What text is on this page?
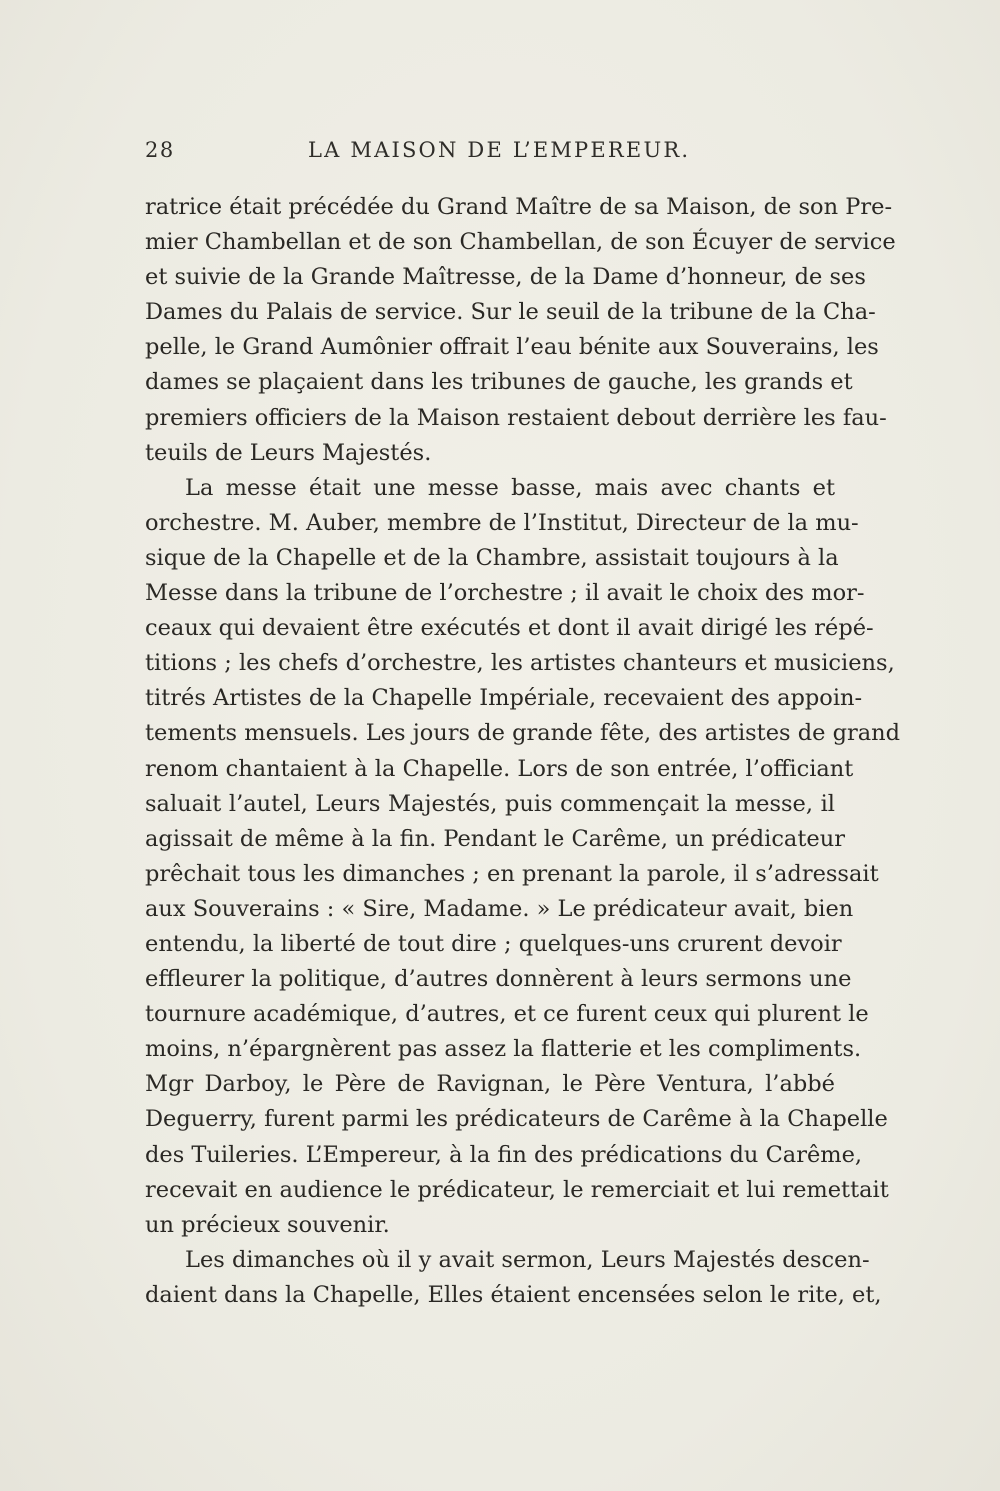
28	LA MAISON DE L’EMPEREUR.
ratrice était précédée du Grand Maître de sa Maison, de son Pre-
mier Chambellan et de son Chambellan, de son Écuyer de service
et suivie de la Grande Maîtresse, de la Dame d’honneur, de ses
Dames du Palais de service. Sur le seuil de la tribune de la Cha-
pelle, le Grand Aumônier offrait l’eau bénite aux Souverains, les
dames se plaçaient dans les tribunes de gauche, les grands et
premiers officiers de la Maison restaient debout derrière les fau-
teuils de Leurs Majestés.
La messe était une messe basse, mais avec chants et
orchestre. M. Auber, membre de l’Institut, Directeur de la mu-
sique de la Chapelle et de la Chambre, assistait toujours à la
Messe dans la tribune de l’orchestre ; il avait le choix des mor-
ceaux qui devaient être exécutés et dont il avait dirigé les répé-
titions ; les chefs d’orchestre, les artistes chanteurs et musiciens,
titrés Artistes de la Chapelle Impériale, recevaient des appoin-
tements mensuels. Les jours de grande fête, des artistes de grand
renom chantaient à la Chapelle. Lors de son entrée, l’officiant
saluait l’autel, Leurs Majestés, puis commençait la messe, il
agissait de même à la fin. Pendant le Carême, un prédicateur
prêchait tous les dimanches ; en prenant la parole, il s’adressait
aux Souverains : « Sire, Madame. » Le prédicateur avait, bien
entendu, la liberté de tout dire ; quelques-uns crurent devoir
effleurer la politique, d’autres donnèrent à leurs sermons une
tournure académique, d’autres, et ce furent ceux qui plurent le
moins, n’épargnèrent pas assez la flatterie et les compliments.
Mgr Darboy, le Père de Ravignan, le Père Ventura, l’abbé
Deguerry, furent parmi les prédicateurs de Carême à la Chapelle
des Tuileries. L’Empereur, à la fin des prédications du Carême,
recevait en audience le prédicateur, le remerciait et lui remettait
un précieux souvenir.
Les dimanches où il y avait sermon, Leurs Majestés descen-
daient dans la Chapelle, Elles étaient encensées selon le rite, et,
